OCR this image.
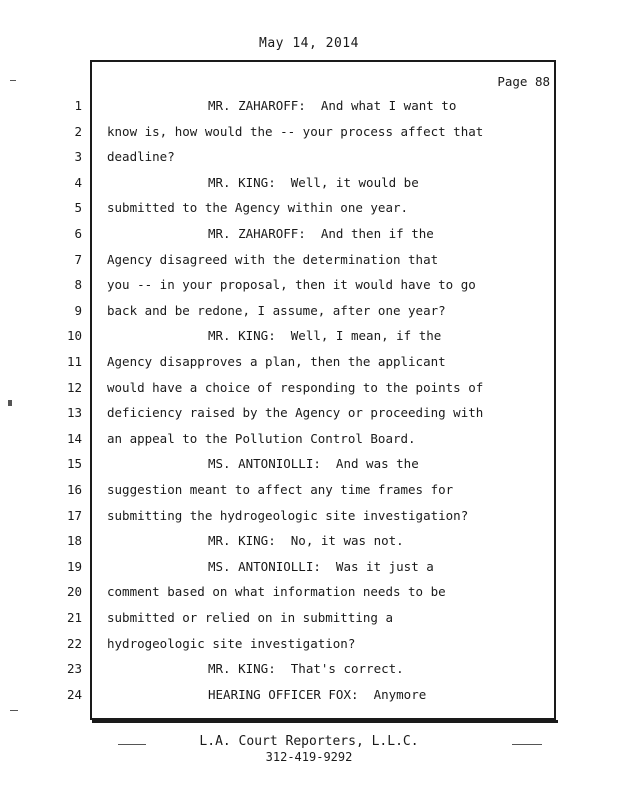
May 14, 2014
Page 88
1	MR. ZAHAROFF:  And what I want to
2 know is, how would the -- your process affect that
3 deadline?
4	MR. KING:  Well, it would be
5 submitted to the Agency within one year.
6	MR. ZAHAROFF:  And then if the
7 Agency disagreed with the determination that
8 you -- in your proposal, then it would have to go
9 back and be redone, I assume, after one year?
10	MR. KING:  Well, I mean, if the
11 Agency disapproves a plan, then the applicant
12 would have a choice of responding to the points of
13 deficiency raised by the Agency or proceeding with
14 an appeal to the Pollution Control Board.
15	MS. ANTONIOLLI:  And was the
16 suggestion meant to affect any time frames for
17 submitting the hydrogeologic site investigation?
18	MR. KING:  No, it was not.
19	MS. ANTONIOLLI:  Was it just a
20 comment based on what information needs to be
21 submitted or relied on in submitting a
22 hydrogeologic site investigation?
23	MR. KING:  That's correct.
24	HEARING OFFICER FOX:  Anymore
L.A. Court Reporters, L.L.C.
312-419-9292
